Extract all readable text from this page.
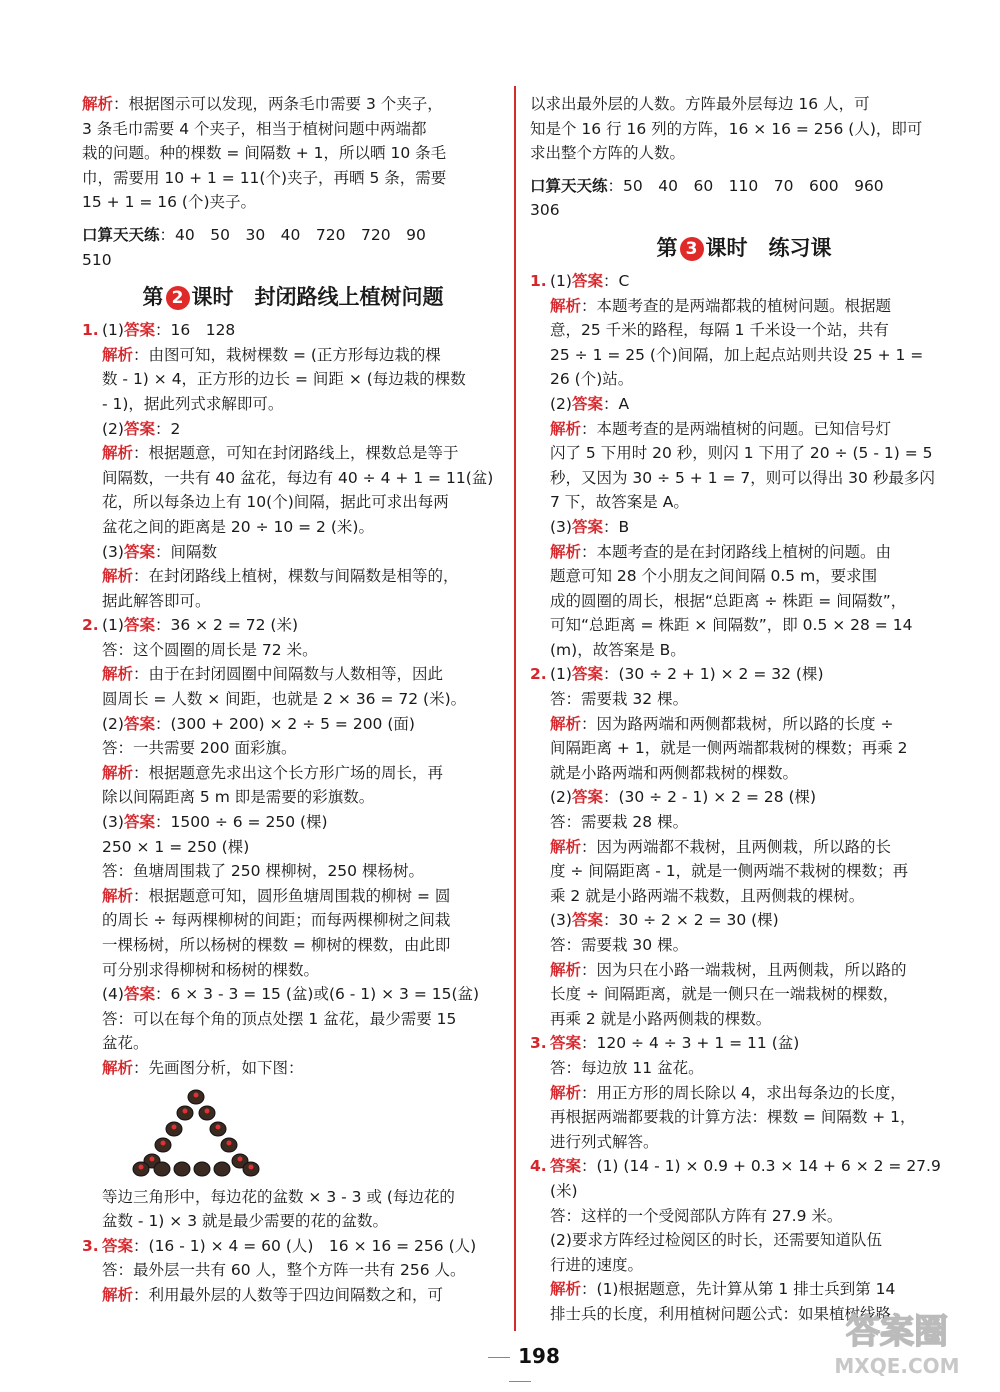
解析：根据图示可以发现，两条毛巾需要 3 个夹子，

3 条毛巾需要 4 个夹子，相当于植树问题中两端都

栽的问题。种的棵数 = 间隔数 + 1，所以晒 10 条毛

巾，需要用 10 + 1 = 11(个)夹子，再晒 5 条，需要

15 + 1 = 16 (个)夹子。

口算天天练：40　50　30　40　720　720　90

510

第 2 课时　封闭路线上植树问题

1. (1)答案：16　128

解析：由图可知，栽树棵数 = (正方形每边栽的棵

数 - 1) × 4，正方形的边长 = 间距 × (每边栽的棵数

- 1)，据此列式求解即可。

(2)答案：2

解析：根据题意，可知在封闭路线上，棵数总是等于

间隔数，一共有 40 盆花，每边有 40 ÷ 4 + 1 = 11(盆)

花，所以每条边上有 10(个)间隔，据此可求出每两

盆花之间的距离是 20 ÷ 10 = 2 (米)。

(3)答案：间隔数

解析：在封闭路线上植树，棵数与间隔数是相等的，

据此解答即可。

2. (1)答案：36 × 2 = 72 (米)

答：这个圆圈的周长是 72 米。

解析：由于在封闭圆圈中间隔数与人数相等，因此

圆周长 = 人数 × 间距，也就是 2 × 36 = 72 (米)。

(2)答案：(300 + 200) × 2 ÷ 5 = 200 (面)

答：一共需要 200 面彩旗。

解析：根据题意先求出这个长方形广场的周长，再

除以间隔距离 5 m 即是需要的彩旗数。

(3)答案：1500 ÷ 6 = 250 (棵)

250 × 1 = 250 (棵)

答：鱼塘周围栽了 250 棵柳树，250 棵杨树。

解析：根据题意可知，圆形鱼塘周围栽的柳树 = 圆

的周长 ÷ 每两棵柳树的间距；而每两棵柳树之间栽

一棵杨树，所以杨树的棵数 = 柳树的棵数，由此即

可分别求得柳树和杨树的棵数。

(4)答案：6 × 3 - 3 = 15 (盆)或(6 - 1) × 3 = 15(盆)

答：可以在每个角的顶点处摆 1 盆花，最少需要 15

盆花。

解析：先画图分析，如下图：

等边三角形中，每边花的盆数 × 3 - 3 或 (每边花的

盆数 - 1) × 3 就是最少需要的花的盆数。

3. 答案：(16 - 1) × 4 = 60 (人)　16 × 16 = 256 (人)

答：最外层一共有 60 人，整个方阵一共有 256 人。

解析：利用最外层的人数等于四边间隔数之和，可

以求出最外层的人数。方阵最外层每边 16 人，可

知是个 16 行 16 列的方阵，16 × 16 = 256 (人)，即可

求出整个方阵的人数。

口算天天练：50　40　60　110　70　600　960

306

第 3 课时　练习课

1. (1)答案：C

解析：本题考查的是两端都栽的植树问题。根据题

意，25 千米的路程，每隔 1 千米设一个站，共有

25 ÷ 1 = 25 (个)间隔，加上起点站则共设 25 + 1 =

26 (个)站。

(2)答案：A

解析：本题考查的是两端植树的问题。已知信号灯

闪了 5 下用时 20 秒，则闪 1 下用了 20 ÷ (5 - 1) = 5

秒，又因为 30 ÷ 5 + 1 = 7，则可以得出 30 秒最多闪

7 下，故答案是 A。

(3)答案：B

解析：本题考查的是在封闭路线上植树的问题。由

题意可知 28 个小朋友之间间隔 0.5 m，要求围

成的圆圈的周长，根据“总距离 ÷ 株距 = 间隔数”，

可知“总距离 = 株距 × 间隔数”，即 0.5 × 28 = 14

(m)，故答案是 B。

2. (1)答案：(30 ÷ 2 + 1) × 2 = 32 (棵)

答：需要栽 32 棵。

解析：因为路两端和两侧都栽树，所以路的长度 ÷

间隔距离 + 1，就是一侧两端都栽树的棵数；再乘 2

就是小路两端和两侧都栽树的棵数。

(2)答案：(30 ÷ 2 - 1) × 2 = 28 (棵)

答：需要栽 28 棵。

解析：因为两端都不栽树，且两侧栽，所以路的长

度 ÷ 间隔距离 - 1，就是一侧两端不栽树的棵数；再

乘 2 就是小路两端不栽数，且两侧栽的棵树。

(3)答案：30 ÷ 2 × 2 = 30 (棵)

答：需要栽 30 棵。

解析：因为只在小路一端栽树，且两侧栽，所以路的

长度 ÷ 间隔距离，就是一侧只在一端栽树的棵数，

再乘 2 就是小路两侧栽的棵数。

3. 答案：120 ÷ 4 ÷ 3 + 1 = 11 (盆)

答：每边放 11 盆花。

解析：用正方形的周长除以 4，求出每条边的长度，

再根据两端都要栽的计算方法：棵数 = 间隔数 + 1，

进行列式解答。

4. 答案：(1) (14 - 1) × 0.9 + 0.3 × 14 + 6 × 2 = 27.9

(米)

答：这样的一个受阅部队方阵有 27.9 米。

(2)要求方阵经过检阅区的时长，还需要知道队伍

行进的速度。

解析：(1)根据题意，先计算从第 1 排士兵到第 14

排士兵的长度，利用植树问题公式：如果植树线路

198
答案圈
MXQE.COM
